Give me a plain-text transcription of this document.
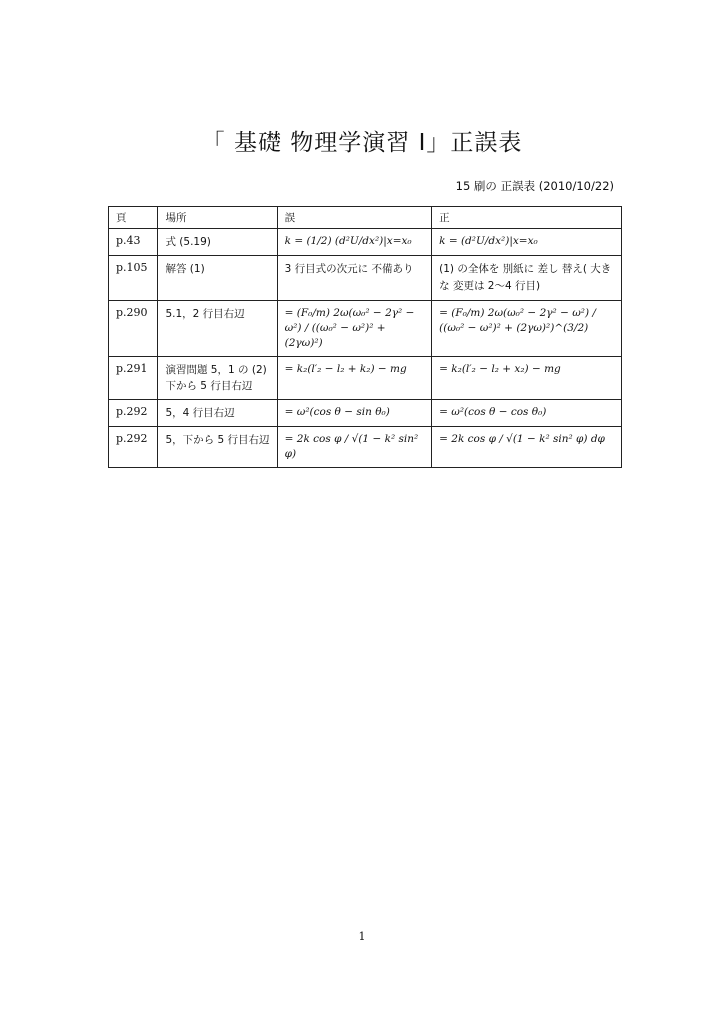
「 基礎 物理学演習 I」正誤表
15 刷の 正誤表 (2010/10/22)
頁	場所	誤	正
p.43	式 (5.19)	k = (1/2) (d²U/dx²)|x=x₀	k = (d²U/dx²)|x=x₀
p.105	解答 (1)	3 行目式の次元に 不備あり	(1) の全体を 別紙に 差し 替え( 大きな 変更は 2〜4 行目)
p.290	5.1，2 行目右辺	= (F₀/m) 2ω(ω₀² − 2γ² − ω²) / ((ω₀² − ω²)² + (2γω)²)	= (F₀/m) 2ω(ω₀² − 2γ² − ω²) / ((ω₀² − ω²)² + (2γω)²)^(3/2)
p.291	演習問題 5，1 の (2) 下から 5 行目右辺	= k₂(l′₂ − l₂ + k₂) − mg	= k₂(l′₂ − l₂ + x₂) − mg
p.292	5，4 行目右辺	= ω²(cos θ − sin θ₀)	= ω²(cos θ − cos θ₀)
p.292	5，下から 5 行目右辺	= 2k cos φ / √(1 − k² sin² φ)	= 2k cos φ / √(1 − k² sin² φ) dφ
1
